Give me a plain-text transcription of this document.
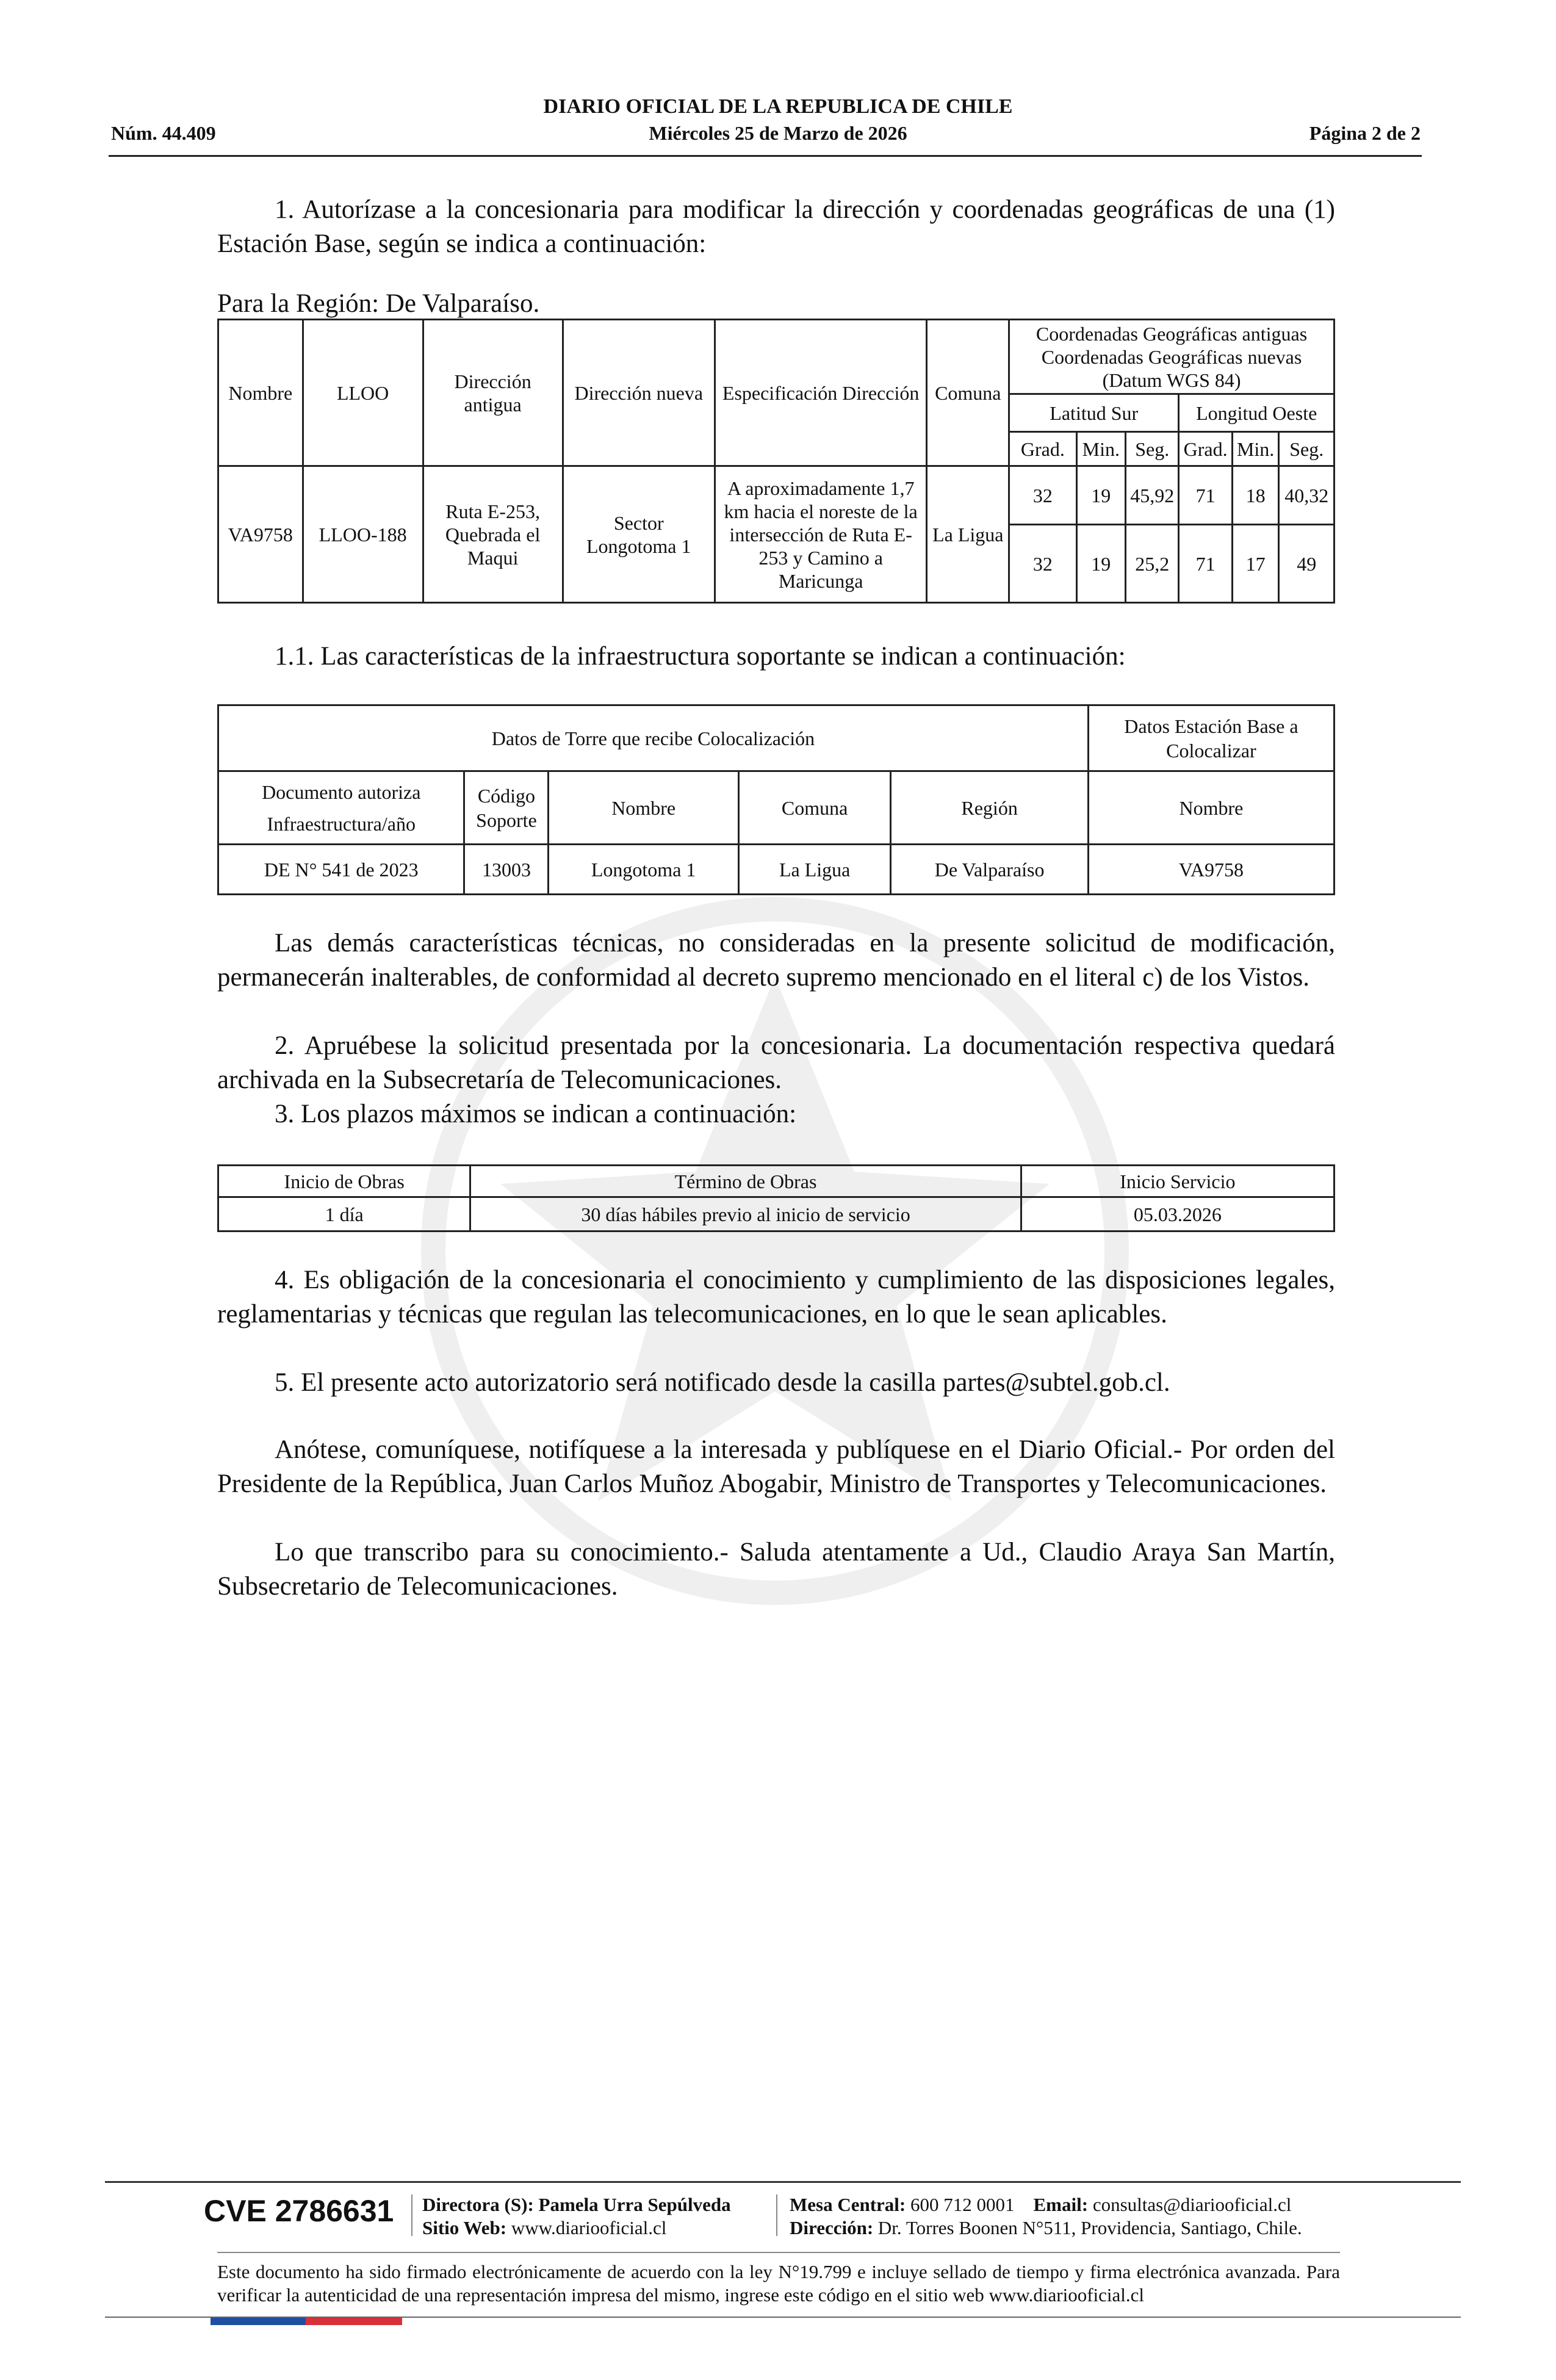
DIARIO OFICIAL DE LA REPUBLICA DE CHILE
Núm. 44.409	Miércoles 25 de Marzo de 2026	Página 2 de 2
1. Autorízase a la concesionaria para modificar la dirección y coordenadas geográficas de una (1) Estación Base, según se indica a continuación:
Para la Región: De Valparaíso.
Nombre	LLOO	Dirección antigua	Dirección nueva	Especificación Dirección	Comuna	Coordenadas Geográficas antiguas Coordenadas Geográficas nuevas (Datum WGS 84)					
						Latitud Sur			Longitud Oeste		
						Grad.	Min.	Seg.	Grad.	Min.	Seg.
VA9758	LLOO-188	Ruta E-253, Quebrada el Maqui	Sector Longotoma 1	A aproximadamente 1,7 km hacia el noreste de la intersección de Ruta E-253 y Camino a Maricunga	La Ligua	32	19	45,92	71	18	40,32
						32	19	25,2	71	17	49
1.1. Las características de la infraestructura soportante se indican a continuación:
Datos de Torre que recibe Colocalización					Datos Estación Base a Colocalizar
Documento autoriza Infraestructura/año	Código Soporte	Nombre	Comuna	Región	Nombre
DE N° 541 de 2023	13003	Longotoma 1	La Ligua	De Valparaíso	VA9758
Las demás características técnicas, no consideradas en la presente solicitud de modificación, permanecerán inalterables, de conformidad al decreto supremo mencionado en el literal c) de los Vistos.
2. Apruébese la solicitud presentada por la concesionaria. La documentación respectiva quedará archivada en la Subsecretaría de Telecomunicaciones.
3. Los plazos máximos se indican a continuación:
Inicio de Obras	Término de Obras	Inicio Servicio
1 día	30 días hábiles previo al inicio de servicio	05.03.2026
4. Es obligación de la concesionaria el conocimiento y cumplimiento de las disposiciones legales, reglamentarias y técnicas que regulan las telecomunicaciones, en lo que le sean aplicables.
5. El presente acto autorizatorio será notificado desde la casilla partes@subtel.gob.cl.
Anótese, comuníquese, notifíquese a la interesada y publíquese en el Diario Oficial.- Por orden del Presidente de la República, Juan Carlos Muñoz Abogabir, Ministro de Transportes y Telecomunicaciones.
Lo que transcribo para su conocimiento.- Saluda atentamente a Ud., Claudio Araya San Martín, Subsecretario de Telecomunicaciones.
CVE 2786631 Directora (S): Pamela Urra Sepúlveda
Sitio Web: www.diariooficial.cl
Mesa Central: 600 712 0001 Email: consultas@diariooficial.cl
Dirección: Dr. Torres Boonen N°511, Providencia, Santiago, Chile.
Este documento ha sido firmado electrónicamente de acuerdo con la ley N°19.799 e incluye sellado de tiempo y firma electrónica avanzada. Para verificar la autenticidad de una representación impresa del mismo, ingrese este código en el sitio web www.diariooficial.cl
